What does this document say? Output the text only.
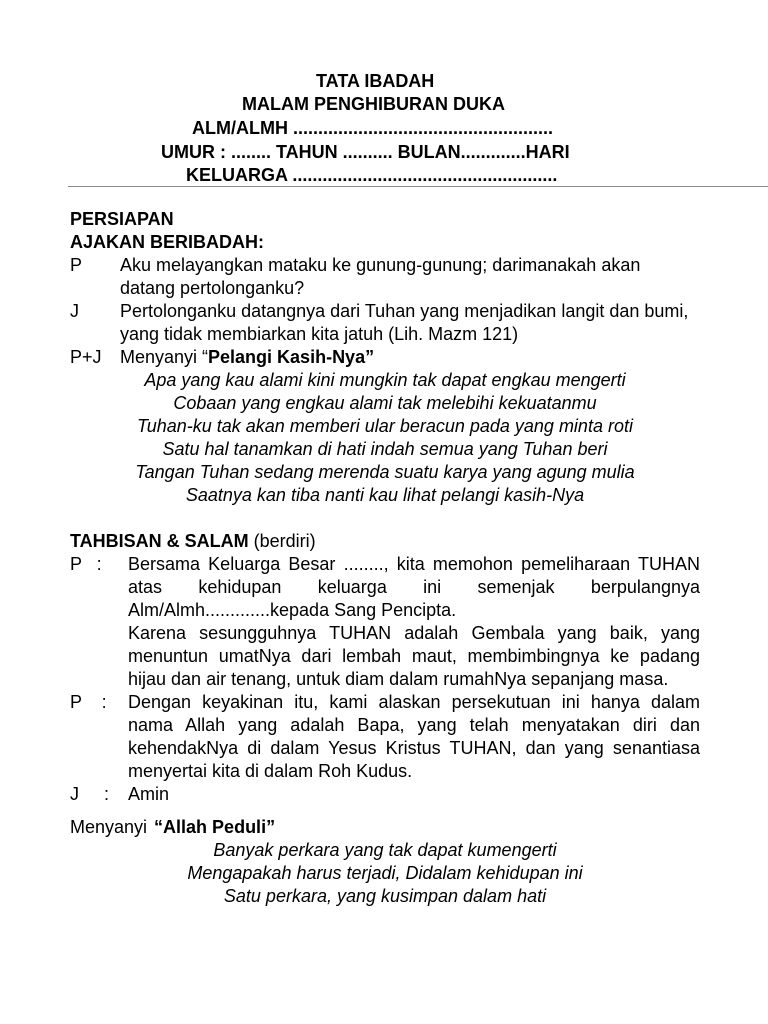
TATA IBADAH
MALAM PENGHIBURAN DUKA
ALM/ALMH ....................................................
UMUR : ........ TAHUN .......... BULAN.............HARI
KELUARGA .....................................................
PERSIAPAN
AJAKAN BERIBADAH:
P	Aku melayangkan mataku ke gunung-gunung; darimanakah akan datang pertolonganku?
J	Pertolonganku datangnya dari Tuhan yang menjadikan langit dan bumi, yang tidak membiarkan kita jatuh (Lih. Mazm 121)
P+J	Menyanyi “Pelangi Kasih-Nya”
Apa yang kau alami kini mungkin tak dapat engkau mengerti
Cobaan yang engkau alami tak melebihi kekuatanmu
Tuhan-ku tak akan memberi ular beracun pada yang minta roti
Satu hal tanamkan di hati indah semua yang Tuhan beri
Tangan Tuhan sedang merenda suatu karya yang agung mulia
Saatnya kan tiba nanti kau lihat pelangi kasih-Nya
TAHBISAN & SALAM (berdiri)
P   :	Bersama Keluarga Besar ........, kita memohon pemeliharaan TUHAN atas kehidupan keluarga ini semenjak berpulangnya Alm/Almh.............kepada Sang Pencipta.

Karena sesungguhnya TUHAN adalah Gembala yang baik, yang menuntun umatNya dari lembah maut, membimbingnya ke padang hijau dan air tenang, untuk diam dalam rumahNya sepanjang masa.

P    : Dengan keyakinan itu, kami alaskan persekutuan ini hanya dalam nama Allah yang adalah Bapa, yang telah menyatakan diri dan kehendakNya di dalam Yesus Kristus TUHAN, dan yang senantiasa menyertai kita di dalam Roh Kudus.
J     : Amin
Menyanyi “Allah Peduli”
Banyak perkara yang tak dapat kumengerti
Mengapakah harus terjadi, Didalam kehidupan ini
Satu perkara, yang kusimpan dalam hati
